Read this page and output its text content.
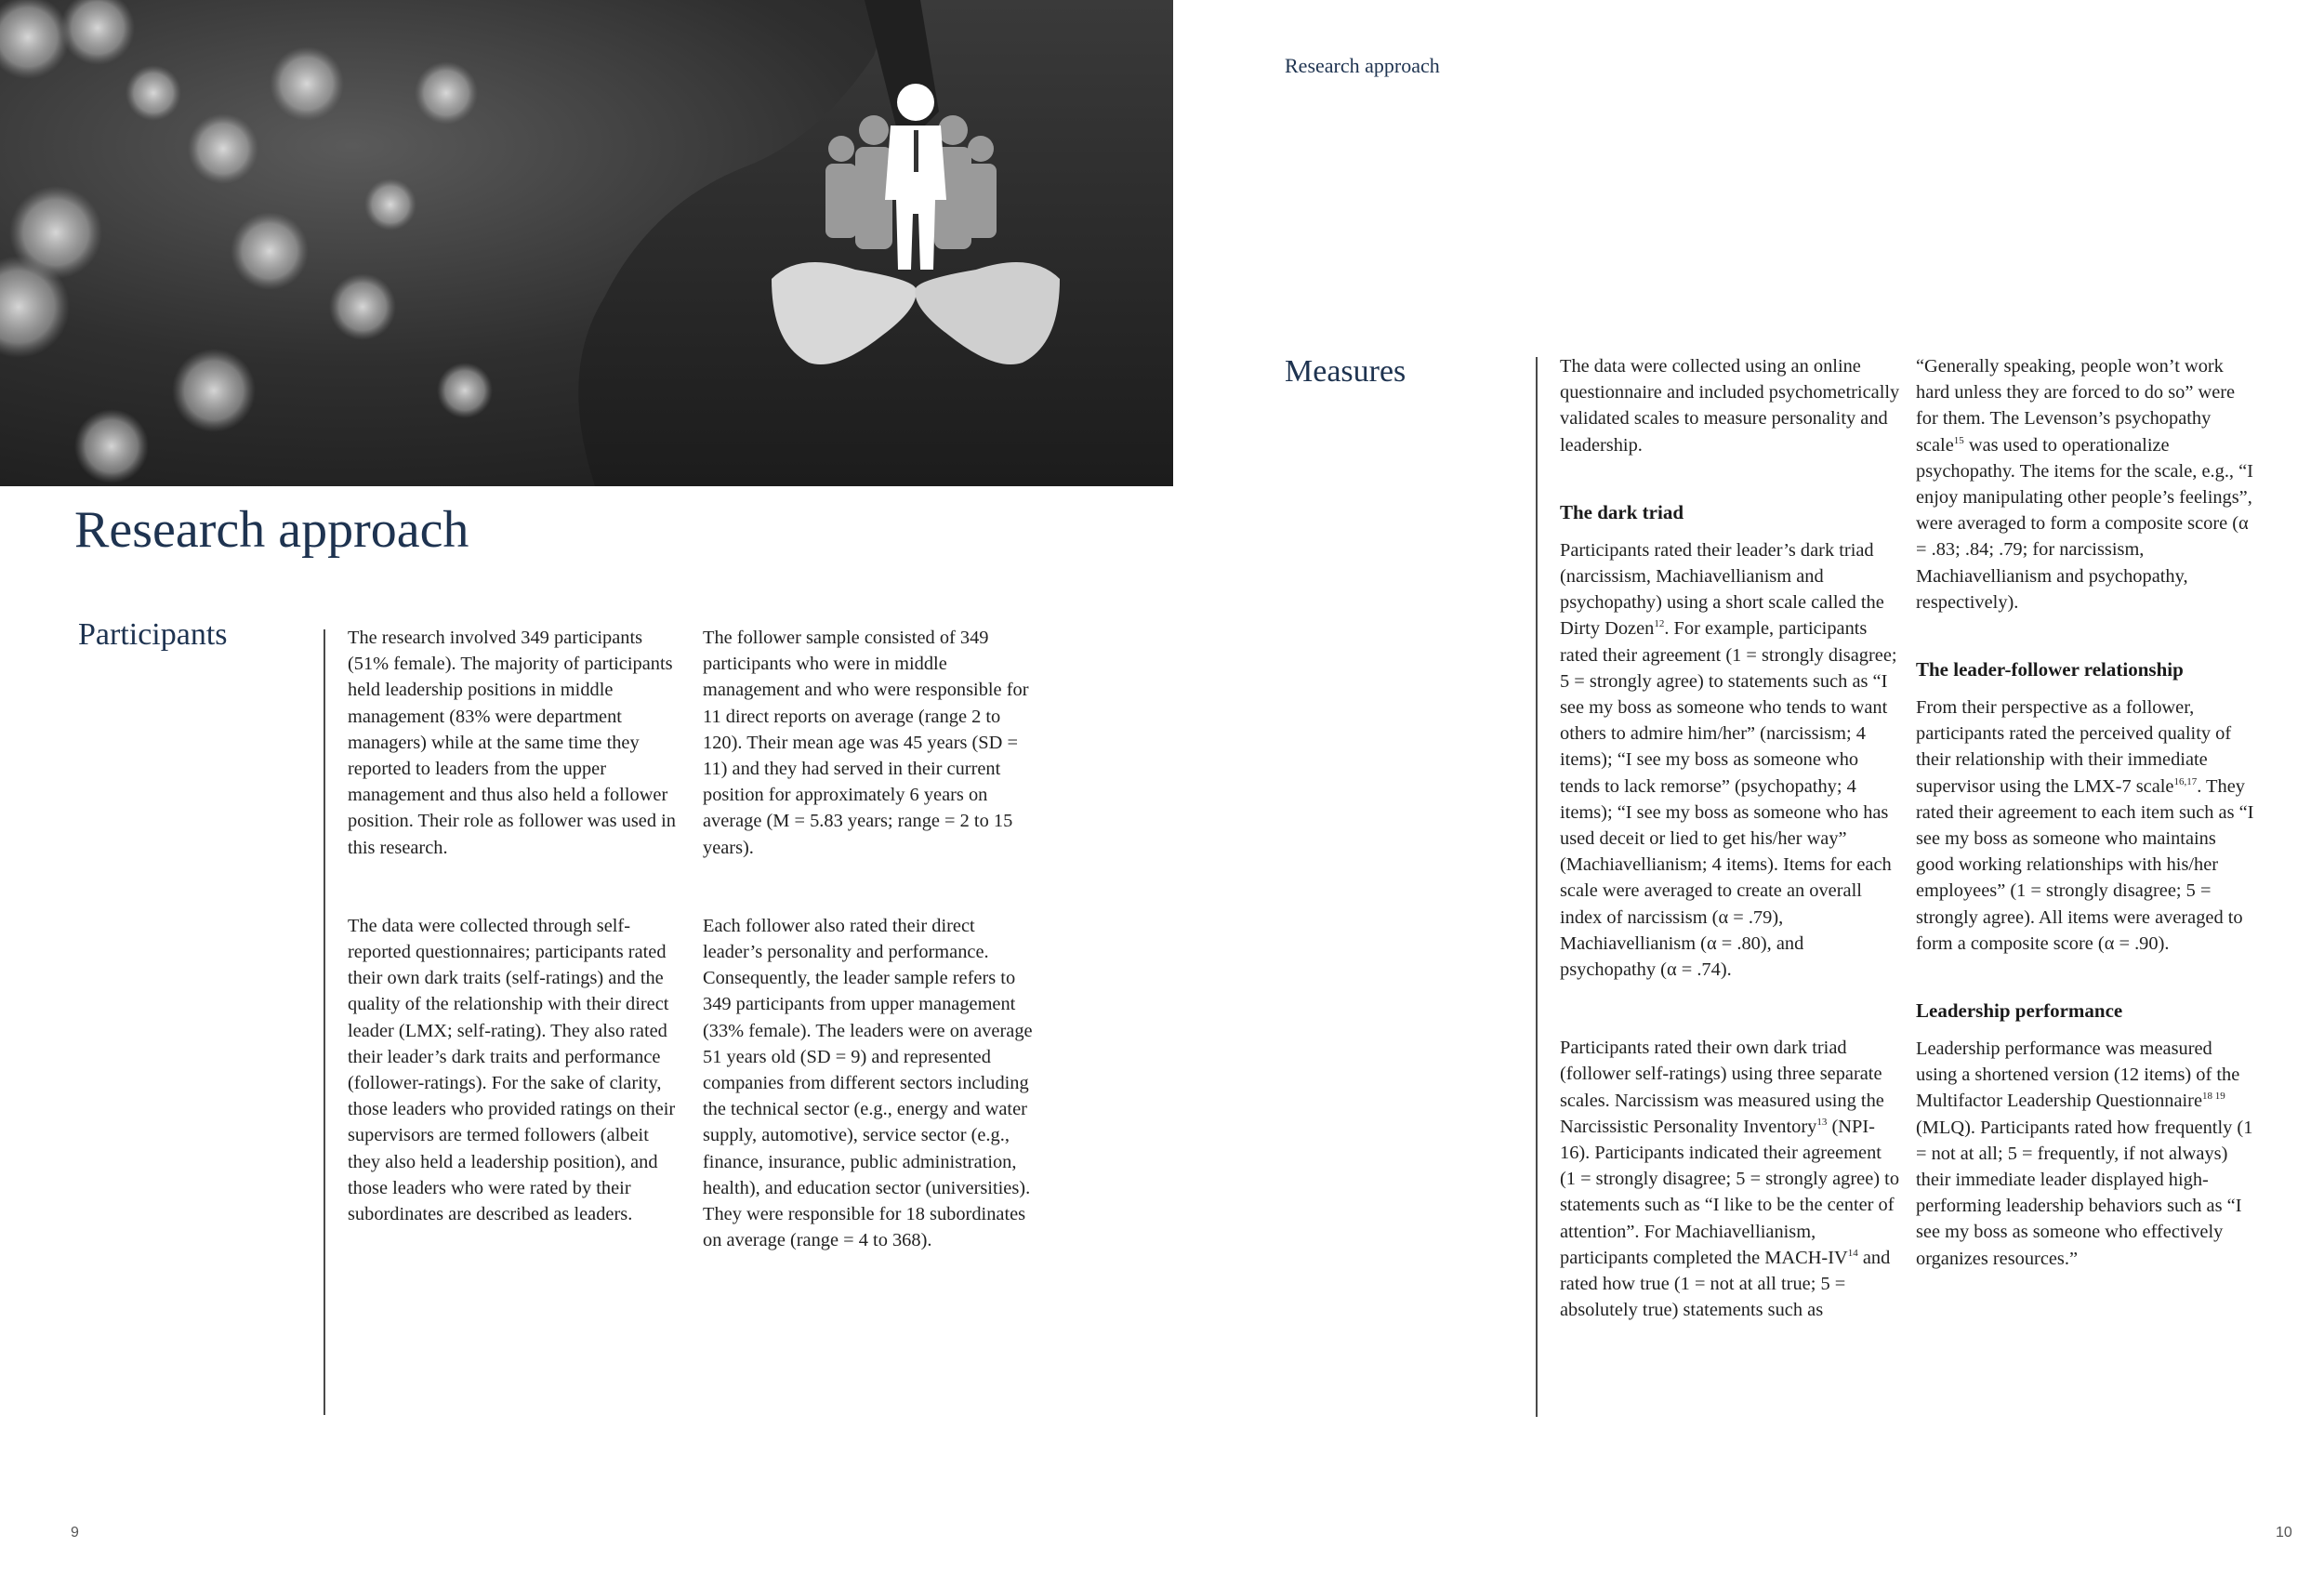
Research approach
Participants	The research involved 349 participants (51% female). The majority of participants held leadership positions in middle management (83% were department managers) while at the same time they reported to leaders from the upper management and thus also held a follower position. Their role as follower was used in this research.

The data were collected through self-reported questionnaires; participants rated their own dark traits (self-ratings) and the quality of the relationship with their direct leader (LMX; self-rating). They also rated their leader’s dark traits and performance (follower-ratings). For the sake of clarity, those leaders who provided ratings on their supervisors are termed followers (albeit they also held a leadership position), and those leaders who were rated by their subordinates are described as leaders.

The follower sample consisted of 349 participants who were in middle management and who were responsible for 11 direct reports on average (range 2 to 120). Their mean age was 45 years (SD = 11) and they had served in their current position for approximately 6 years on average (M = 5.83 years; range = 2 to 15 years).

Each follower also rated their direct leader’s personality and performance. Consequently, the leader sample refers to 349 participants from upper management (33% female). The leaders were on average 51 years old (SD = 9) and represented companies from different sectors including the technical sector (e.g., energy and water supply, automotive), service sector (e.g., finance, insurance, public administration, health), and education sector (universities). They were responsible for 18 subordinates on average (range = 4 to 368).

9
Research approach
Measures	The data were collected using an online questionnaire and included psychometrically validated scales to measure personality and leadership.

The dark triad

Participants rated their leader’s dark triad (narcissism, Machiavellianism and psychopathy) using a short scale called the Dirty Dozen$^{12}$. For example, participants rated their agreement (1 = strongly disagree; 5 = strongly agree) to statements such as “I see my boss as someone who tends to want others to admire him/her” (narcissism; 4 items); “I see my boss as someone who tends to lack remorse” (psychopathy; 4 items); “I see my boss as someone who has used deceit or lied to get his/her way” (Machiavellianism; 4 items). Items for each scale were averaged to create an overall index of narcissism (α = .79), Machiavellianism (α = .80), and psychopathy (α = .74).

Participants rated their own dark triad (follower self-ratings) using three separate scales. Narcissism was measured using the Narcissistic Personality Inventory$^{13}$ (NPI-16). Participants indicated their agreement (1 = strongly disagree; 5 = strongly agree) to statements such as “I like to be the center of attention”. For Machiavellianism, participants completed the MACH-IV$^{14}$ and rated how true (1 = not at all true; 5 = absolutely true) statements such as

“Generally speaking, people won’t work hard unless they are forced to do so” were for them. The Levenson’s psychopathy scale$^{15}$ was used to operationalize psychopathy. The items for the scale, e.g., “I enjoy manipulating other people’s feelings”, were averaged to form a composite score (α = .83; .84; .79; for narcissism, Machiavellianism and psychopathy, respectively).

The leader-follower relationship

From their perspective as a follower, participants rated the perceived quality of their relationship with their immediate supervisor using the LMX-7 scale$^{16,17}$. They rated their agreement to each item such as “I see my boss as someone who maintains good working relationships with his/her employees” (1 = strongly disagree; 5 = strongly agree). All items were averaged to form a composite score (α = .90).

Leadership performance

Leadership performance was measured using a shortened version (12 items) of the Multifactor Leadership Questionnaire$^{18 19}$ (MLQ). Participants rated how frequently (1 = not at all; 5 = frequently, if not always) their immediate leader displayed high-performing leadership behaviors such as “I see my boss as someone who effectively organizes resources.”

10
